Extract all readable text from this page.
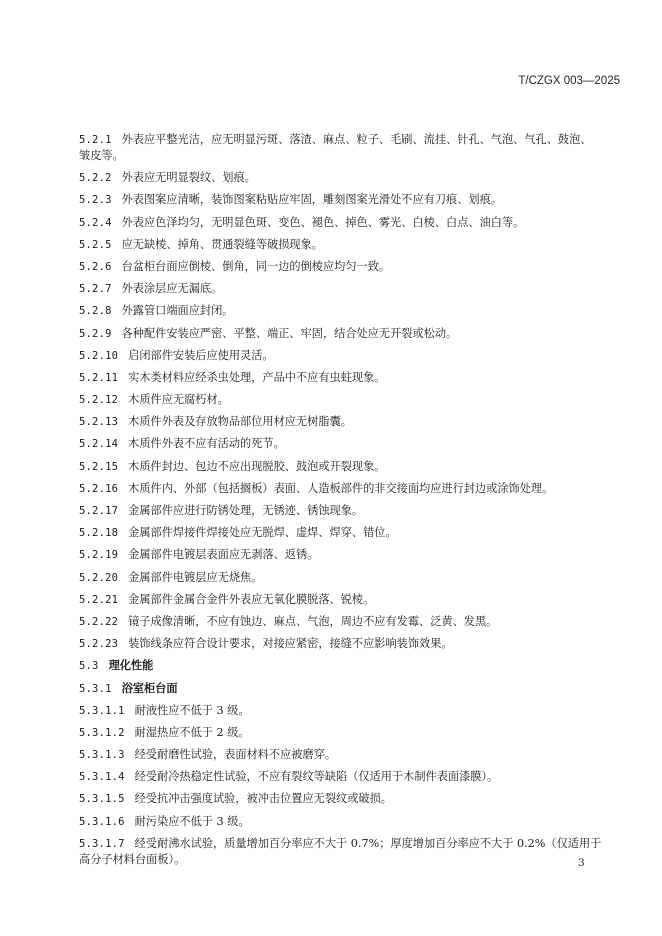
T/CZGX 003—2025
5.2.1 外表应平整光洁，应无明显污斑、落渣、麻点、粒子、毛刷、流挂、针孔、气泡、气孔、鼓泡、　　皱皮等。
5.2.2 外表应无明显裂纹、划痕。
5.2.3 外表图案应清晰，装饰图案粘贴应牢固，雕刻图案光滑处不应有刀痕、划痕。
5.2.4 外表应色泽均匀，无明显色斑、变色、褪色、掉色、雾光、白棱、白点、油白等。
5.2.5 应无缺棱、掉角、贯通裂缝等破损现象。
5.2.6 台盆柜台面应倒棱、倒角，同一边的倒棱应均匀一致。
5.2.7 外表涂层应无漏底。
5.2.8 外露管口端面应封闭。
5.2.9 各种配件安装应严密、平整、端正、牢固，结合处应无开裂或松动。
5.2.10 启闭部件安装后应使用灵活。
5.2.11 实木类材料应经杀虫处理，产品中不应有虫蛀现象。
5.2.12 木质件应无腐朽材。
5.2.13 木质件外表及存放物品部位用材应无树脂囊。
5.2.14 木质件外表不应有活动的死节。
5.2.15 木质件封边、包边不应出现脱胶、鼓泡或开裂现象。
5.2.16 木质件内、外部（包括搁板）表面、人造板部件的非交接面均应进行封边或涂饰处理。
5.2.17 金属部件应进行防锈处理，无锈迹、锈蚀现象。
5.2.18 金属部件焊接件焊接处应无脱焊、虚焊、焊穿、错位。
5.2.19 金属部件电镀层表面应无剥落、返锈。
5.2.20 金属部件电镀层应无烧焦。
5.2.21 金属部件金属合金件外表应无氧化膜脱落、锐棱。
5.2.22 镜子成像清晰，不应有蚀边、麻点、气泡，周边不应有发霉、泛黄、发黑。
5.2.23 装饰线条应符合设计要求，对接应紧密，接缝不应影响装饰效果。
5.3 理化性能
5.3.1 浴室柜台面
5.3.1.1 耐液性应不低于 3 级。
5.3.1.2 耐湿热应不低于 2 级。
5.3.1.3 经受耐磨性试验，表面材料不应被磨穿。
5.3.1.4 经受耐冷热稳定性试验，不应有裂纹等缺陷（仅适用于木制件表面漆膜）。
5.3.1.5 经受抗冲击强度试验，被冲击位置应无裂纹或破损。
5.3.1.6 耐污染应不低于 3 级。
5.3.1.7 经受耐沸水试验，质量增加百分率应不大于 0.7%；厚度增加百分率应不大于 0.2%（仅适用于高分子材料台面板）。	3
